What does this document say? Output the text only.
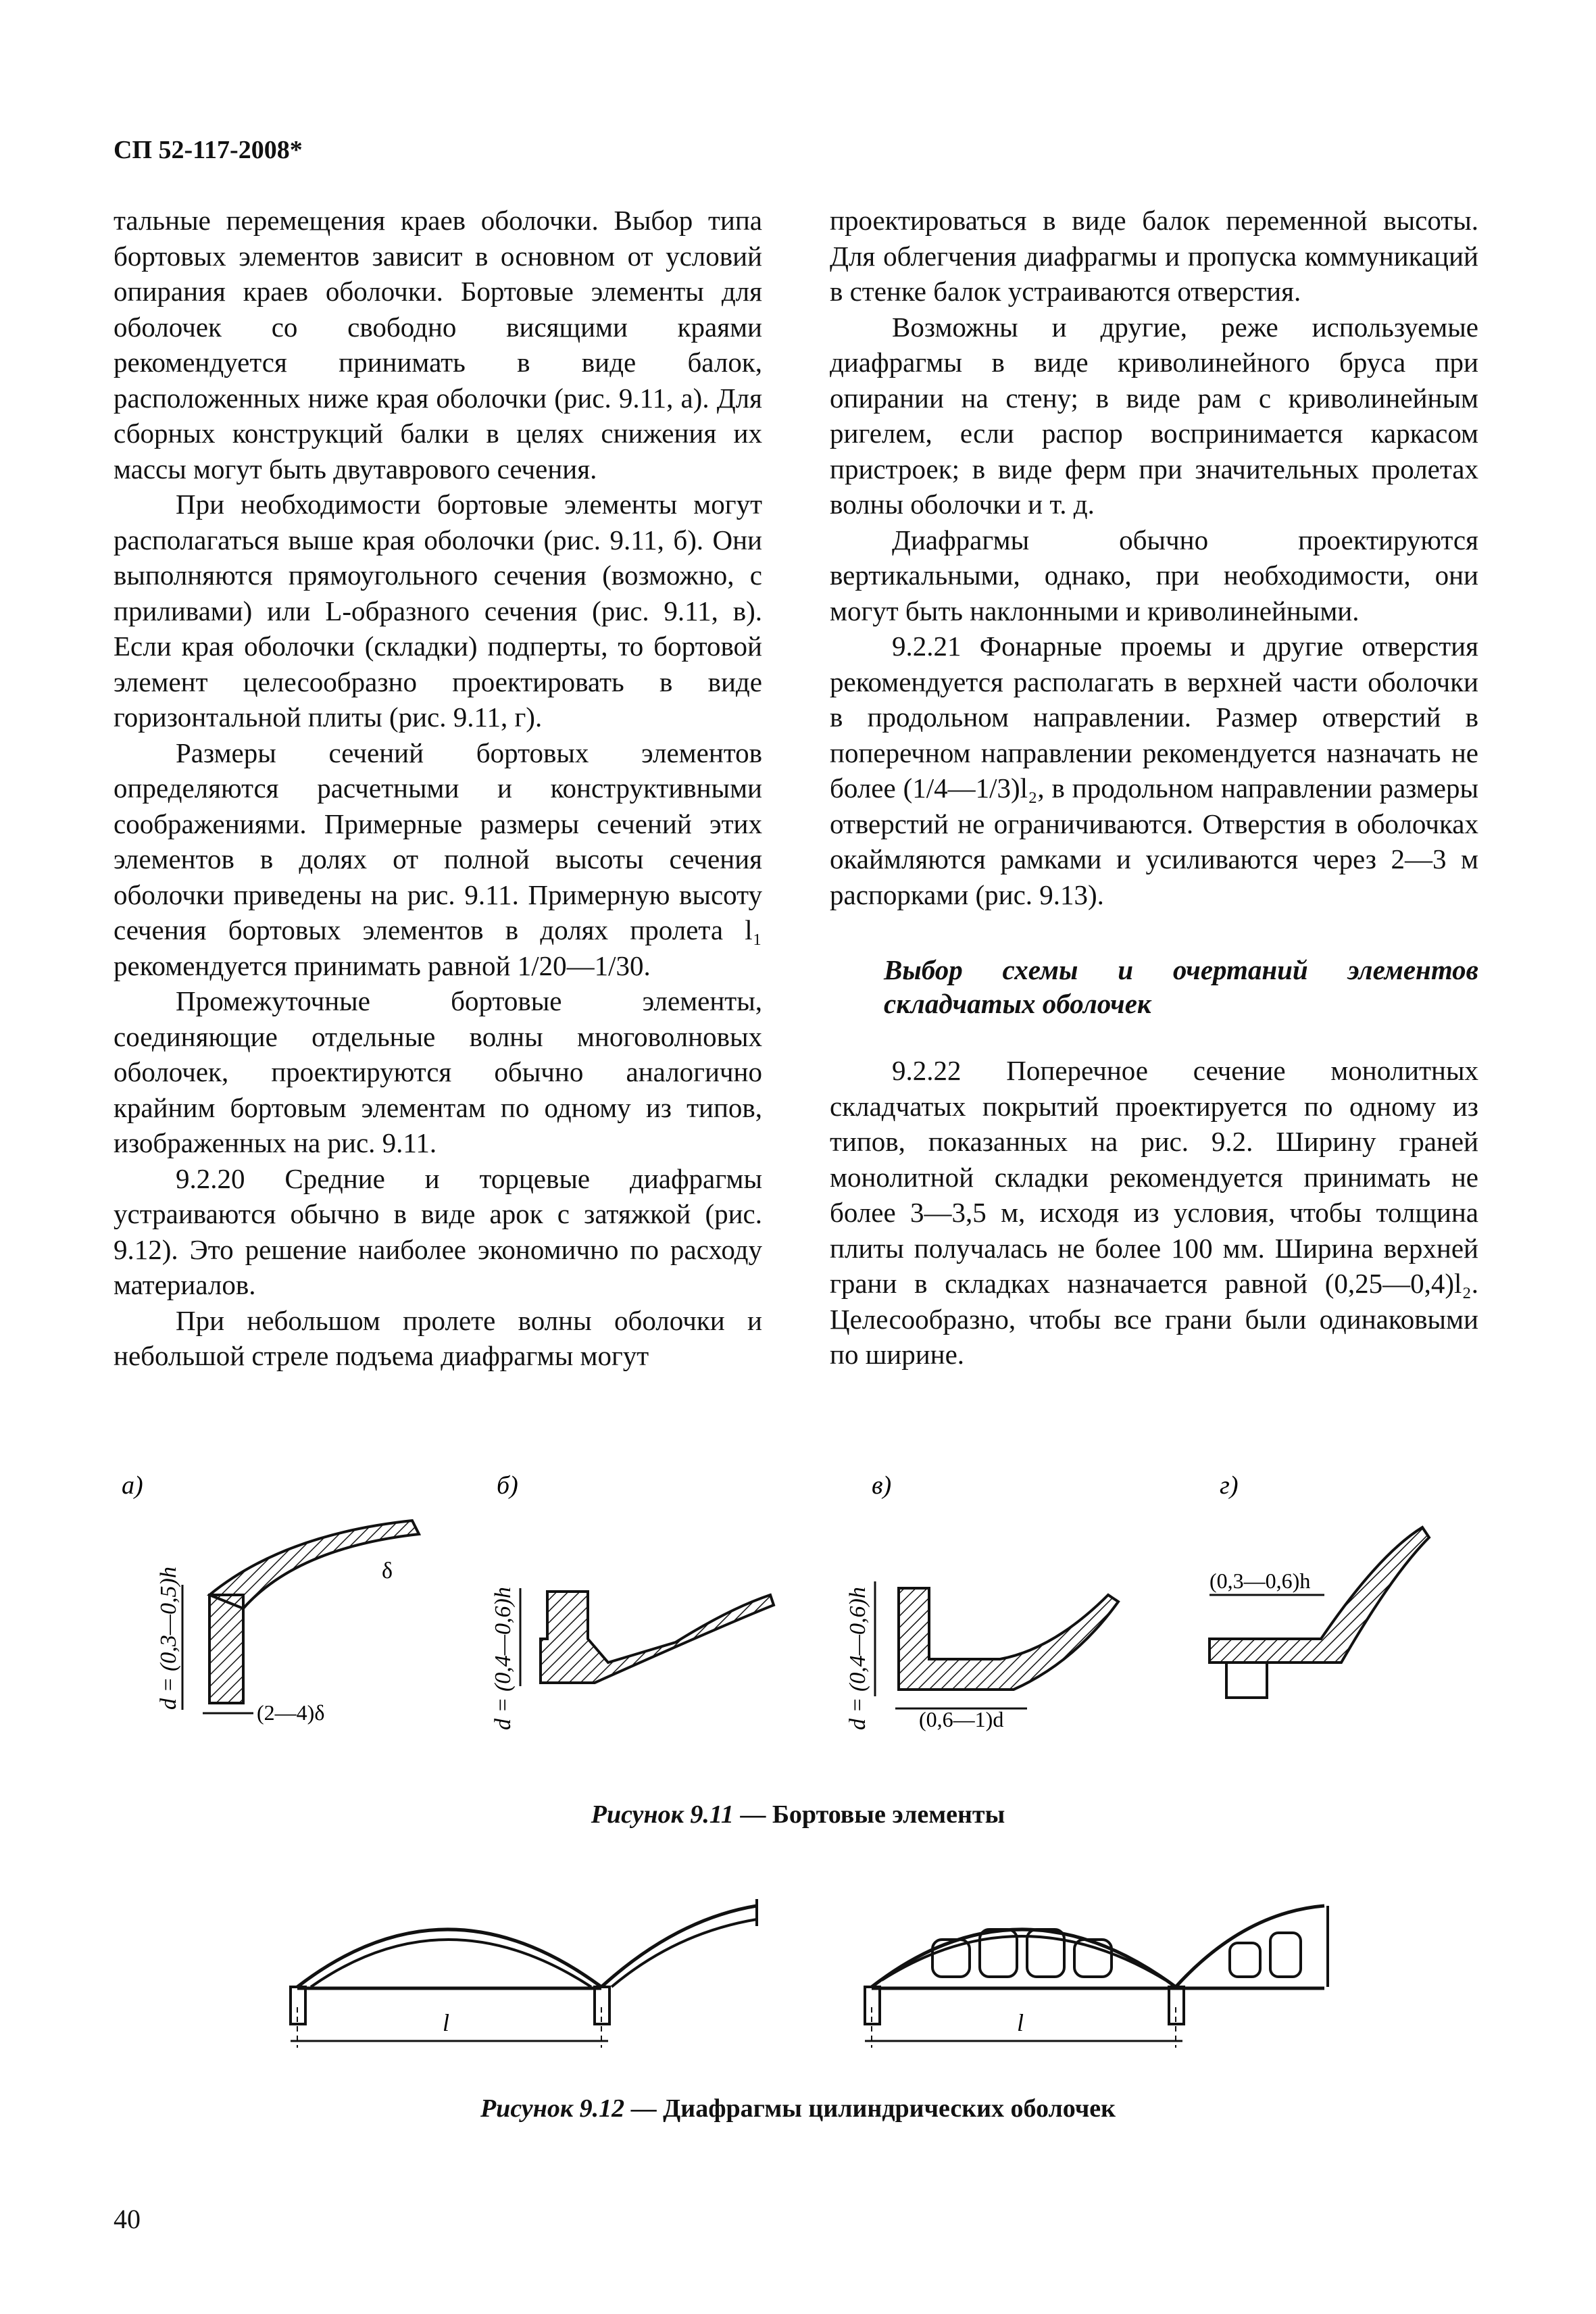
СП 52-117-2008*

тальные перемещения краев оболочки. Выбор типа бортовых элементов зависит в основном от условий опирания краев оболочки. Бортовые элементы для оболочек со свободно висящими краями рекомендуется принимать в виде балок, расположенных ниже края оболочки (рис. 9.11, а). Для сборных конструкций балки в целях снижения их массы могут быть двутаврового сечения.

При необходимости бортовые элементы могут располагаться выше края оболочки (рис. 9.11, б). Они выполняются прямоугольного сечения (возможно, с приливами) или L-образного сечения (рис. 9.11, в). Если края оболочки (складки) подперты, то бортовой элемент целесообразно проектировать в виде горизонтальной плиты (рис. 9.11, г).

Размеры сечений бортовых элементов определяются расчетными и конструктивными соображениями. Примерные размеры сечений этих элементов в долях от полной высоты сечения оболочки приведены на рис. 9.11. Примерную высоту сечения бортовых элементов в долях пролета l₁ рекомендуется принимать равной 1/20—1/30.

Промежуточные бортовые элементы, соединяющие отдельные волны многоволновых оболочек, проектируются обычно аналогично крайним бортовым элементам по одному из типов, изображенных на рис. 9.11.

9.2.20 Средние и торцевые диафрагмы устраиваются обычно в виде арок с затяжкой (рис. 9.12). Это решение наиболее экономично по расходу материалов.

При небольшом пролете волны оболочки и небольшой стреле подъема диафрагмы могут

проектироваться в виде балок переменной высоты. Для облегчения диафрагмы и пропуска коммуникаций в стенке балок устраиваются отверстия.

Возможны и другие, реже используемые диафрагмы в виде криволинейного бруса при опирании на стену; в виде рам с криволинейным ригелем, если распор воспринимается каркасом пристроек; в виде ферм при значительных пролетах волны оболочки и т. д.

Диафрагмы обычно проектируются вертикальными, однако, при необходимости, они могут быть наклонными и криволинейными.

9.2.21 Фонарные проемы и другие отверстия рекомендуется располагать в верхней части оболочки в продольном направлении. Размер отверстий в поперечном направлении рекомендуется назначать не более (1/4—1/3)l₂, в продольном направлении размеры отверстий не ограничиваются. Отверстия в оболочках окаймляются рамками и усиливаются через 2—3 м распорками (рис. 9.13).

Выбор схемы и очертаний элементов складчатых оболочек

9.2.22 Поперечное сечение монолитных складчатых покрытий проектируется по одному из типов, показанных на рис. 9.2. Ширину граней монолитной складки рекомендуется принимать не более 3—3,5 м, исходя из условия, чтобы толщина плиты получалась не более 100 мм. Ширина верхней грани в складках назначается равной (0,25—0,4)l₂. Целесообразно, чтобы все грани были одинаковыми по ширине.

а)
δ
d = (0,3—0,5)h
(2—4)δ
б)
d = (0,4—0,6)h
в)
d = (0,4—0,6)h (0,6—1)d
г)
(0,3—0,6)h
Рисунок 9.11 — Бортовые элементы
l	l
Рисунок 9.12 — Диафрагмы цилиндрических оболочек
40
